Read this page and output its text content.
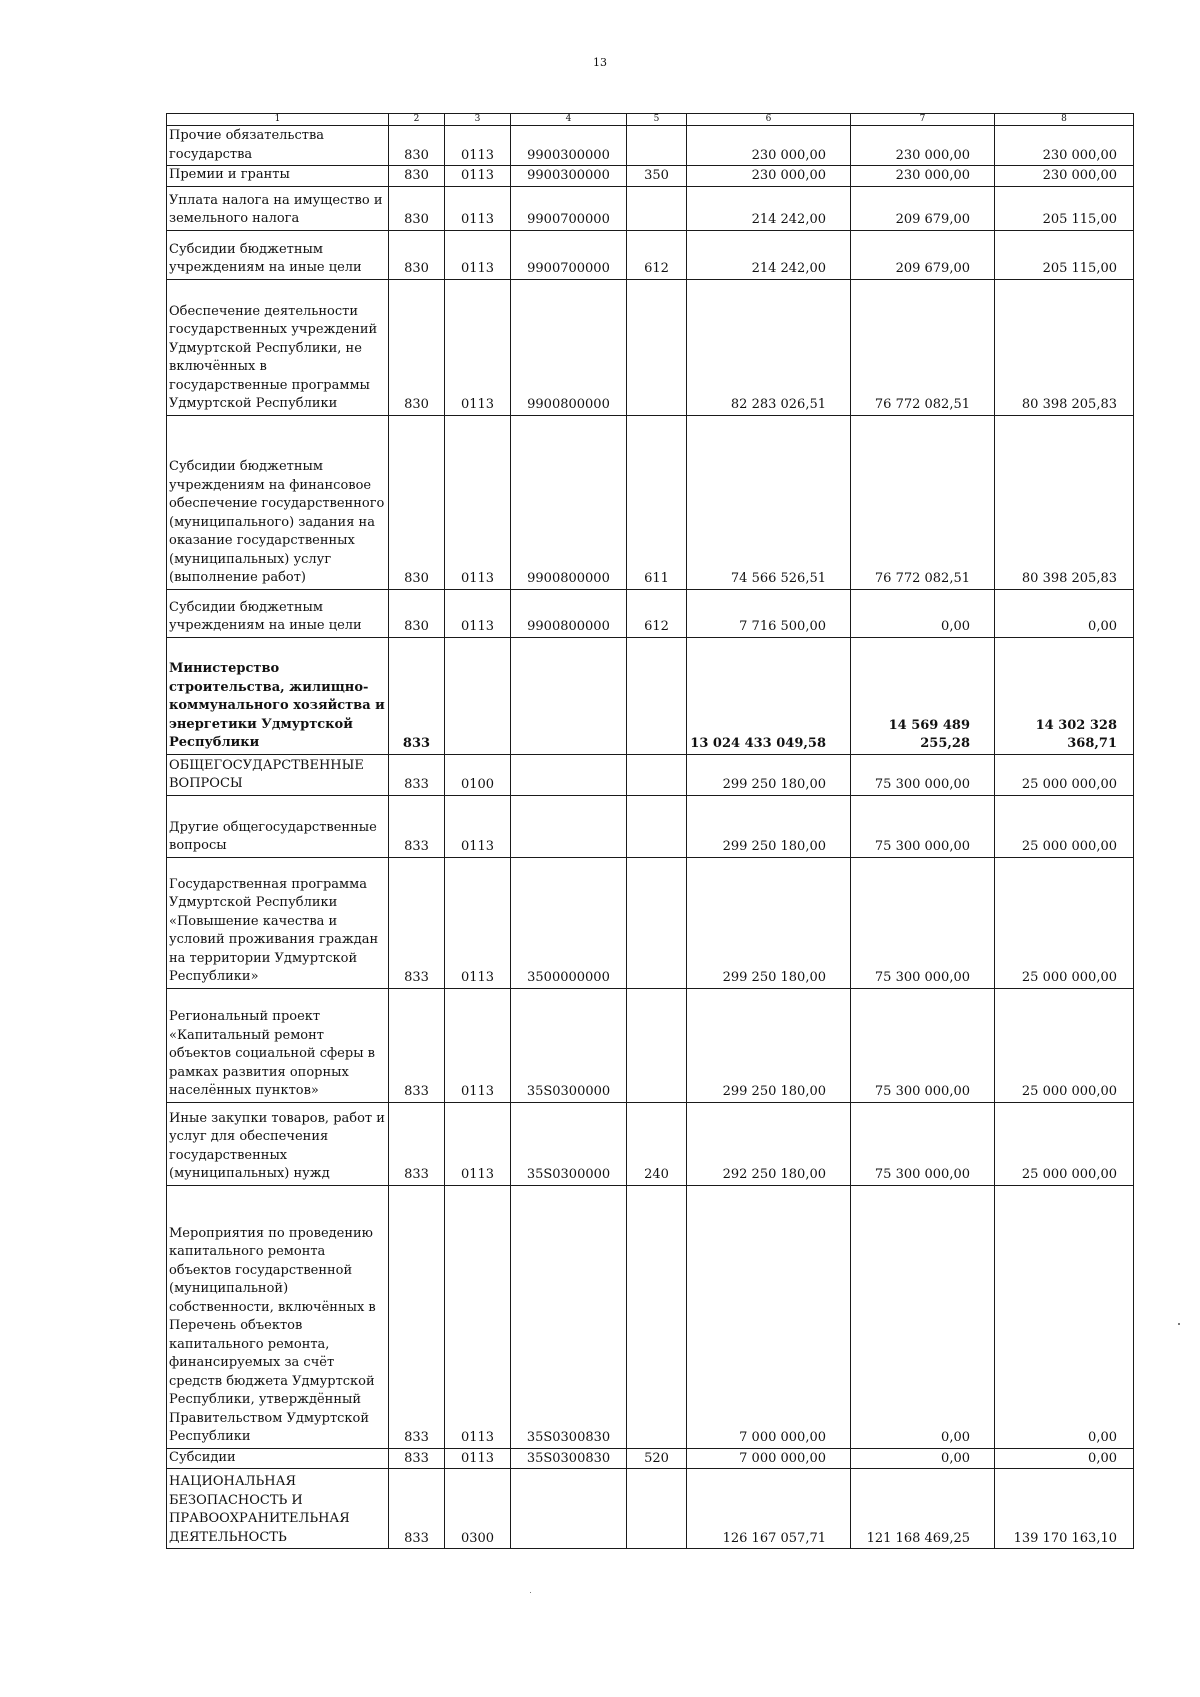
13
1	2	3	4	5	6	7	8
Прочие обязательства государства	830	0113	9900300000		230 000,00	230 000,00	230 000,00
Премии и гранты	830	0113	9900300000	350	230 000,00	230 000,00	230 000,00
Уплата налога на имущество и земельного налога	830	0113	9900700000		214 242,00	209 679,00	205 115,00
Субсидии бюджетным учреждениям на иные цели	830	0113	9900700000	612	214 242,00	209 679,00	205 115,00
Обеспечение деятельности государственных учреждений Удмуртской Республики, не включённых в государственные программы Удмуртской Республики	830	0113	9900800000		82 283 026,51	76 772 082,51	80 398 205,83
Субсидии бюджетным учреждениям на финансовое обеспечение государственного (муниципального) задания на оказание государственных (муниципальных) услуг (выполнение работ)	830	0113	9900800000	611	74 566 526,51	76 772 082,51	80 398 205,83
Субсидии бюджетным учреждениям на иные цели	830	0113	9900800000	612	7 716 500,00	0,00	0,00
Министерство строительства, жилищно-коммунального хозяйства и энергетики Удмуртской Республики	833				13 024 433 049,58	14 569 489 255,28	14 302 328 368,71
ОБЩЕГОСУДАРСТВЕННЫЕ ВОПРОСЫ	833	0100			299 250 180,00	75 300 000,00	25 000 000,00
Другие общегосударственные вопросы	833	0113			299 250 180,00	75 300 000,00	25 000 000,00
Государственная программа Удмуртской Республики «Повышение качества и условий проживания граждан на территории Удмуртской Республики»	833	0113	3500000000		299 250 180,00	75 300 000,00	25 000 000,00
Региональный проект «Капитальный ремонт объектов социальной сферы в рамках развития опорных населённых пунктов»	833	0113	35S0300000		299 250 180,00	75 300 000,00	25 000 000,00
Иные закупки товаров, работ и услуг для обеспечения государственных (муниципальных) нужд	833	0113	35S0300000	240	292 250 180,00	75 300 000,00	25 000 000,00
Мероприятия по проведению капитального ремонта объектов государственной (муниципальной) собственности, включённых в Перечень объектов капитального ремонта, финансируемых за счёт средств бюджета Удмуртской Республики, утверждённый Правительством Удмуртской Республики	833	0113	35S0300830		7 000 000,00	0,00	0,00
Субсидии	833	0113	35S0300830	520	7 000 000,00	0,00	0,00
НАЦИОНАЛЬНАЯ БЕЗОПАСНОСТЬ И ПРАВООХРАНИТЕЛЬНАЯ ДЕЯТЕЛЬНОСТЬ	833	0300			126 167 057,71	121 168 469,25	139 170 163,10
